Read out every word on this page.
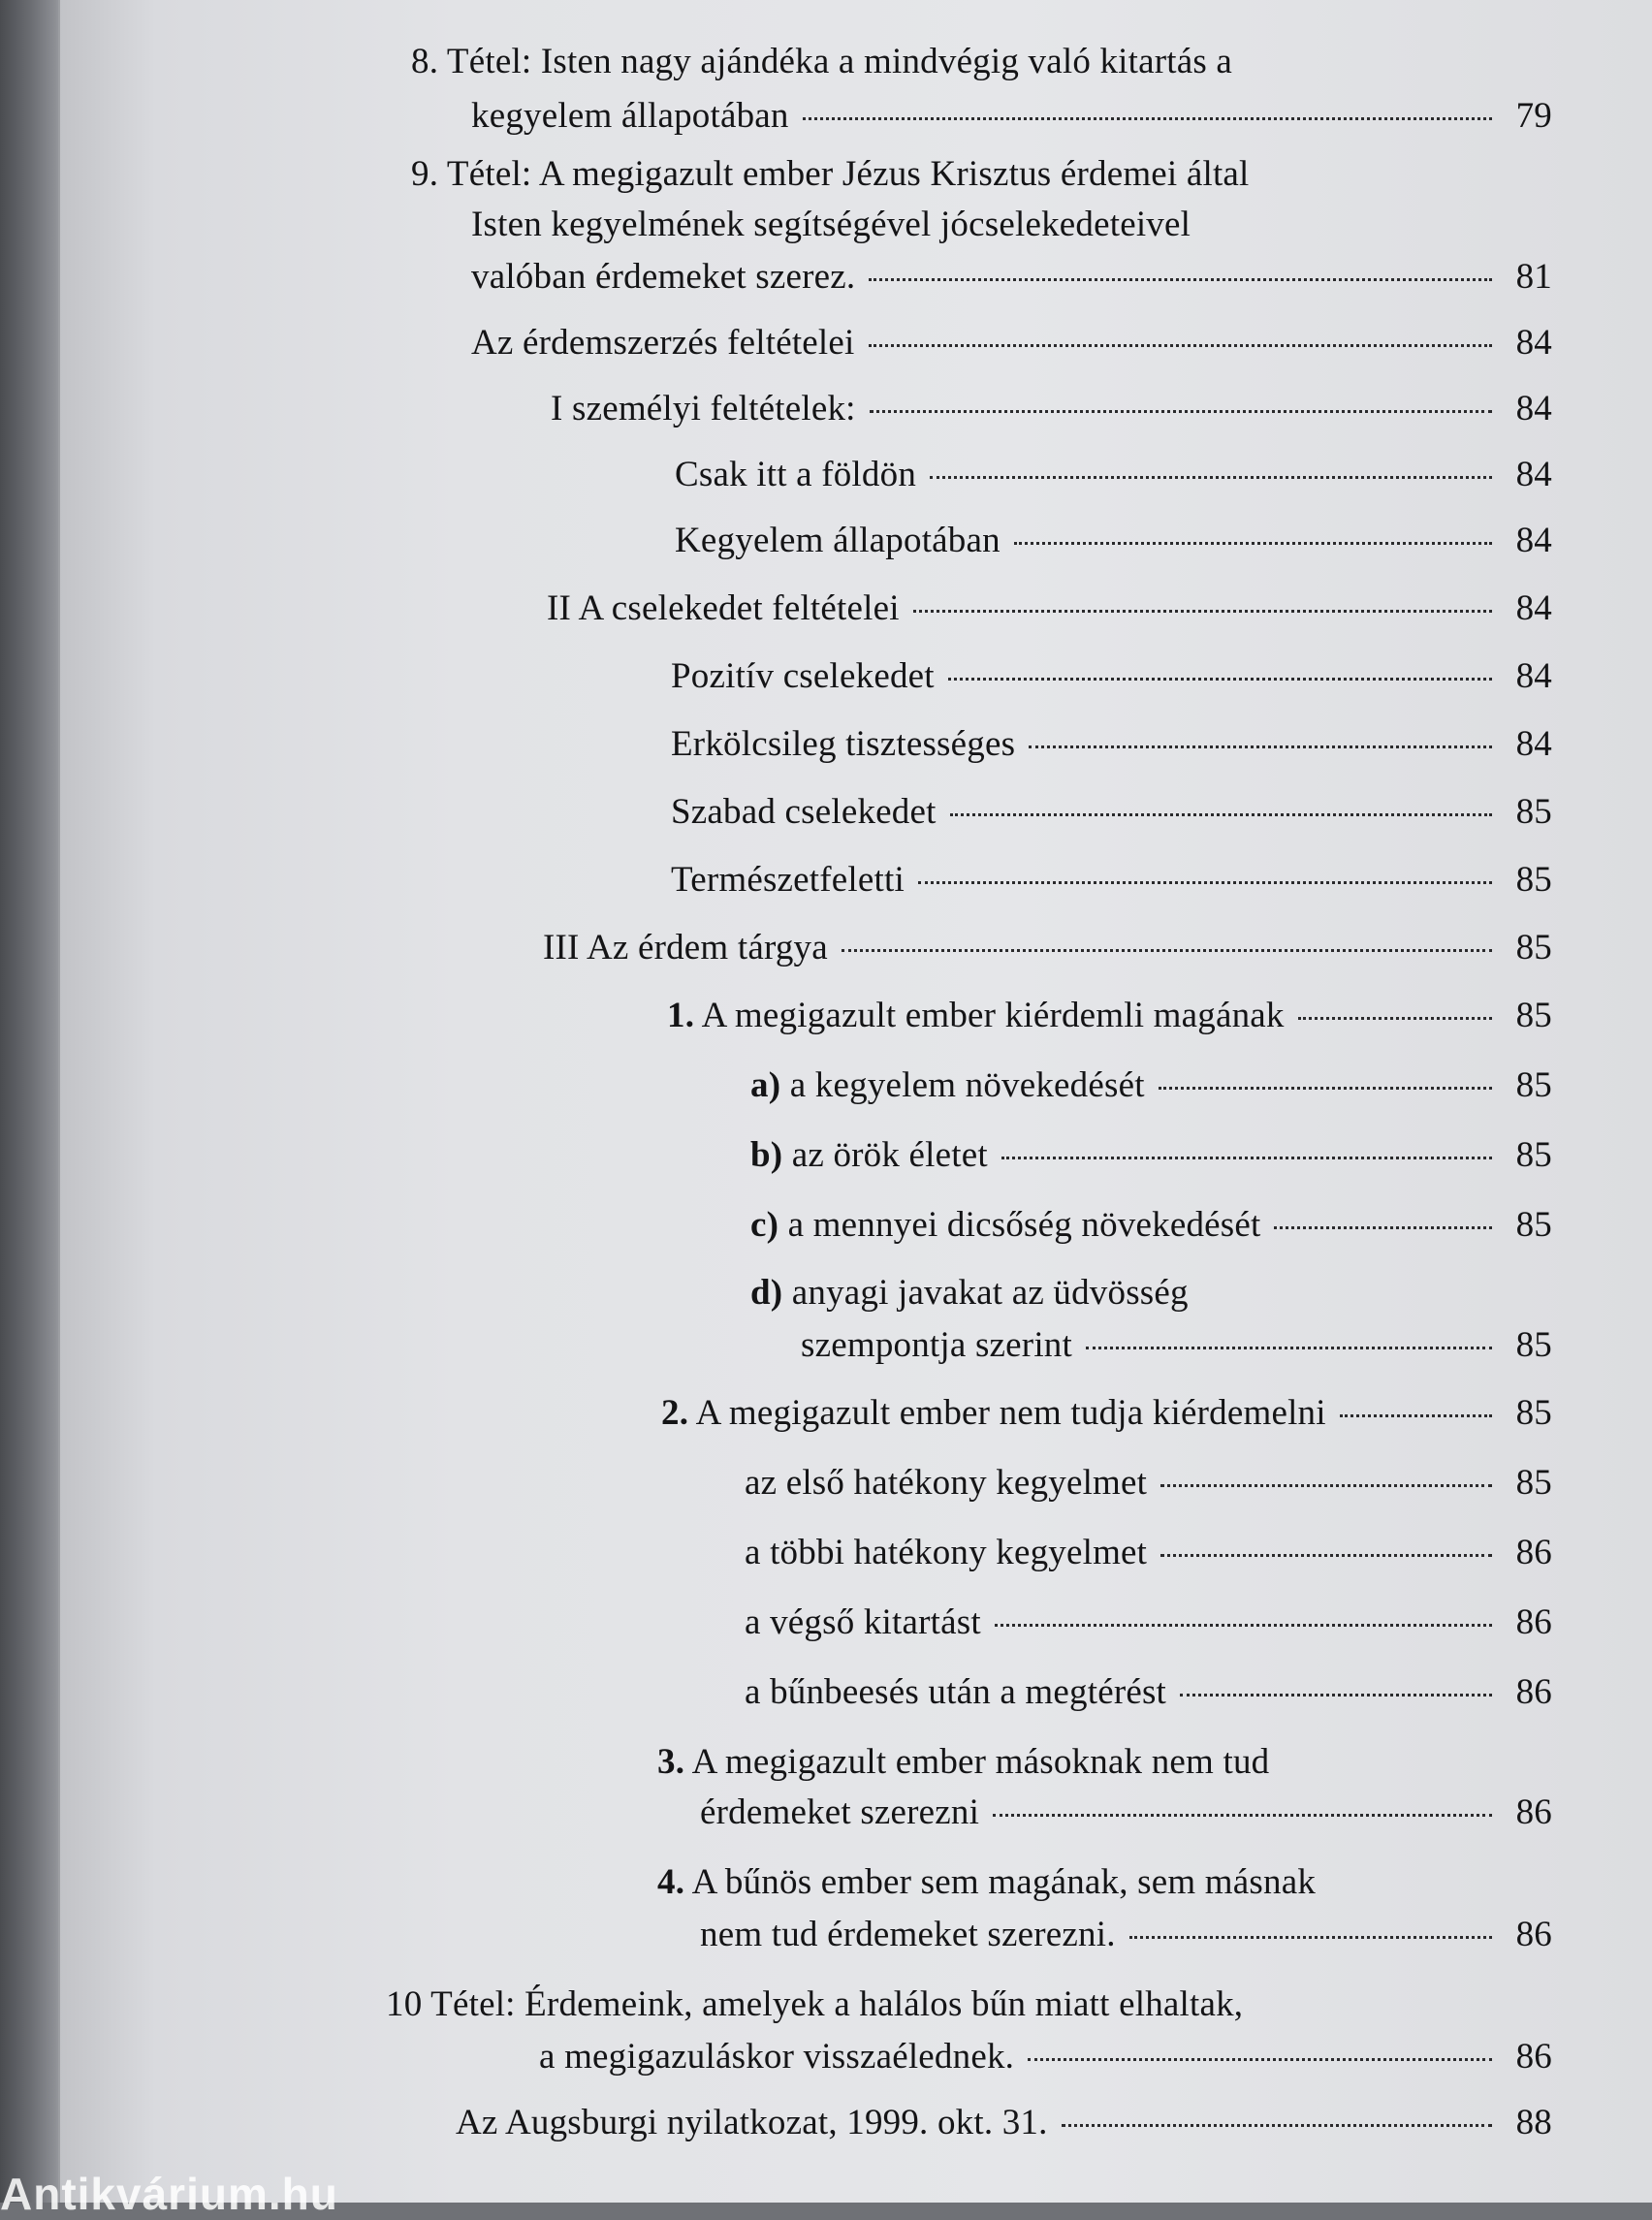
8. Tétel: Isten nagy ajándéka a mindvégig való kitartás a
kegyelem állapotában	79
9. Tétel: A megigazult ember Jézus Krisztus érdemei által
Isten kegyelmének segítségével jócselekedeteivel
valóban érdemeket szerez.	81
Az érdemszerzés feltételei	84
I személyi feltételek:	84
Csak itt a földön	84
Kegyelem állapotában	84
II A cselekedet feltételei	84
Pozitív cselekedet	84
Erkölcsileg tisztességes	84
Szabad cselekedet	85
Természetfeletti	85
III Az érdem tárgya	85
1. A megigazult ember kiérdemli magának	85
a) a kegyelem növekedését	85
b) az örök életet	85
c) a mennyei dicsőség növekedését	85
d) anyagi javakat az üdvösség
szempontja szerint	85
2. A megigazult ember nem tudja kiérdemelni	85
az első hatékony kegyelmet	85
a többi hatékony kegyelmet	86
a végső kitartást	86
a bűnbeesés után a megtérést	86
3. A megigazult ember másoknak nem tud
érdemeket szerezni	86
4. A bűnös ember sem magának, sem másnak
nem tud érdemeket szerezni.	86
10 Tétel: Érdemeink, amelyek a halálos bűn miatt elhaltak,
a megigazuláskor visszaélednek.	86
Az Augsburgi nyilatkozat, 1999. okt. 31.	88
Antikvárium.hu
